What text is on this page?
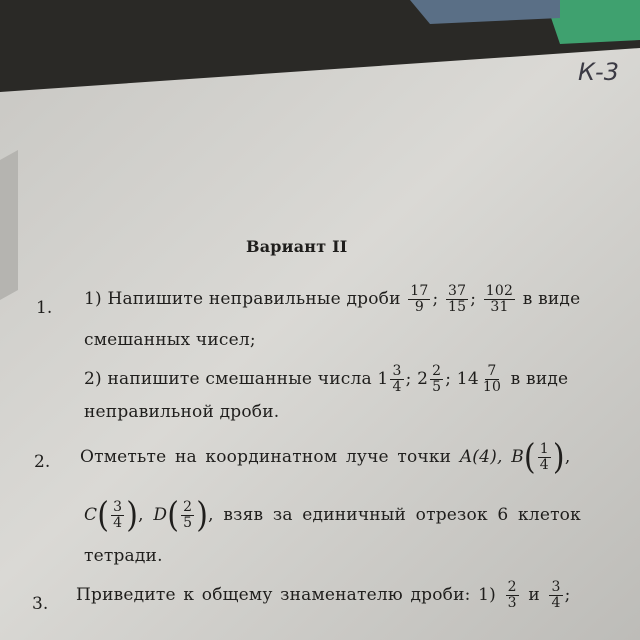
К-3
Вариант II
1. 1) Напишите неправильные дроби $\frac{17}{9}$ ; $\frac{37}{15}$ ; $\frac{102}{31}$ в виде
смешанных чисел;
2) напишите смешанные числа $1 \frac{3}{4}$ ; $2 \frac{2}{5}$ ; $14 \frac{7}{10}$ в виде
неправильной дроби.
2. Отметьте на координатном луче точки A(4), $B( \frac{1}{4}$ ),
$C( \frac{3}{4}$ ), $D( \frac{2}{5}$ ), взяв за единичный отрезок 6 клеток
тетради.
3. Приведите к общему знаменателю дроби: $1) \frac{2}{3}$ и $\frac{3}{4}$ ;
